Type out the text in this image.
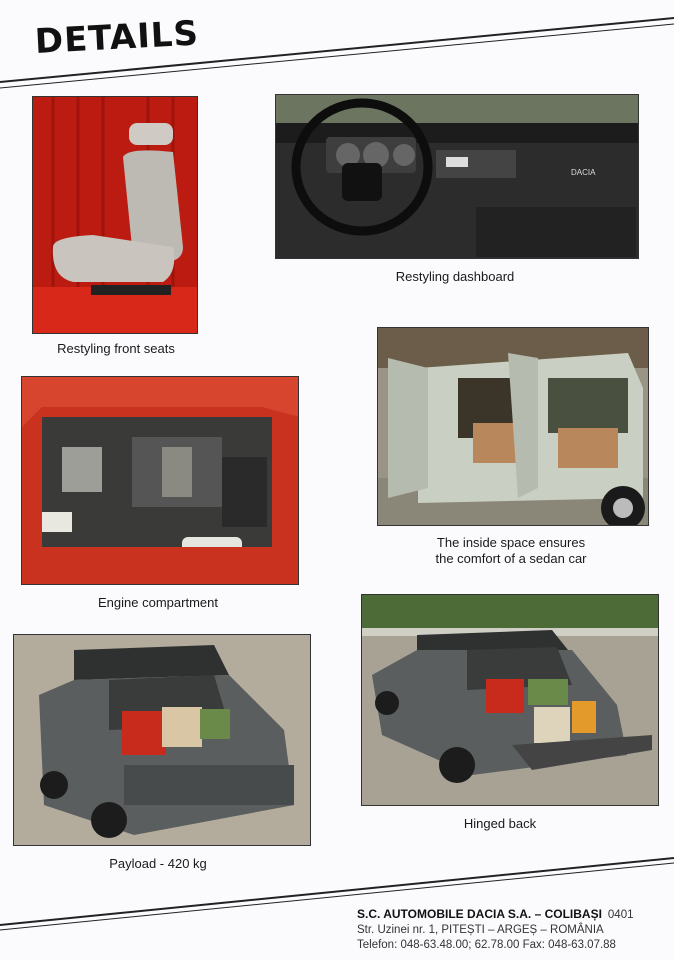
DETAILS
Restyling front seats
DACIA
Restyling dashboard
The inside space ensures
the comfort of a sedan car
Engine compartment
Payload - 420 kg
Hinged back
S.C. AUTOMOBILE DACIA S.A. – COLIBAȘI 0401
Str. Uzinei nr. 1, PITEȘTI – ARGEȘ – ROMÂNIA
Telefon: 048-63.48.00; 62.78.00 Fax: 048-63.07.88
